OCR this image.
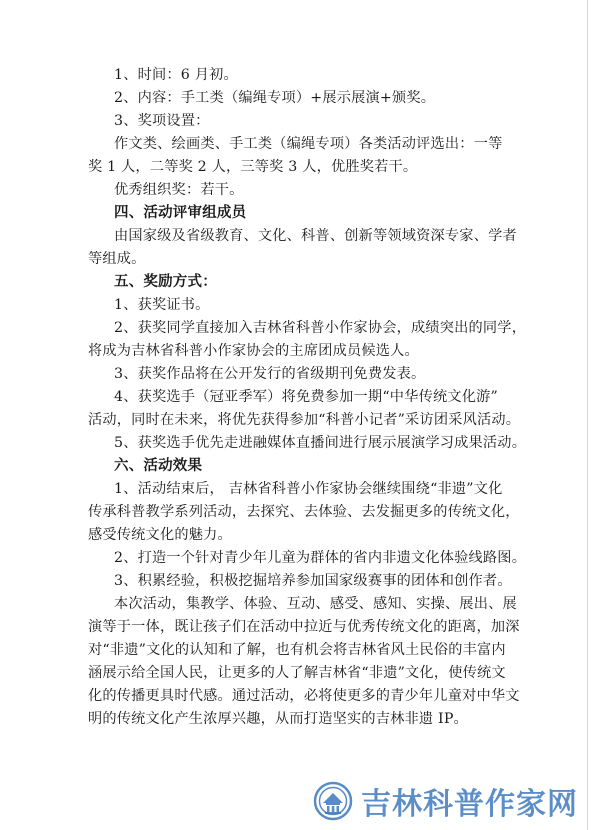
1、时间：6 月初。
2、内容：手工类（编绳专项）+展示展演+颁奖。
3、奖项设置：
作文类、绘画类、手工类（编绳专项）各类活动评选出：一等
奖 1 人，二等奖 2 人，三等奖 3 人，优胜奖若干。
优秀组织奖：若干。
四、活动评审组成员
由国家级及省级教育、文化、科普、创新等领域资深专家、学者
等组成。
五、奖励方式：
1、获奖证书。
2、获奖同学直接加入吉林省科普小作家协会，成绩突出的同学，
将成为吉林省科普小作家协会的主席团成员候选人。
3、获奖作品将在公开发行的省级期刊免费发表。
4、获奖选手（冠亚季军）将免费参加一期“中华传统文化游”
活动，同时在未来，将优先获得参加“科普小记者”采访团采风活动。
5、获奖选手优先走进融媒体直播间进行展示展演学习成果活动。
六、活动效果
1、活动结束后， 吉林省科普小作家协会继续围绕“非遗”文化
传承科普教学系列活动，去探究、去体验、去发掘更多的传统文化，
感受传统文化的魅力。
2、打造一个针对青少年儿童为群体的省内非遗文化体验线路图。
3、积累经验，积极挖掘培养参加国家级赛事的团体和创作者。
本次活动，集教学、体验、互动、感受、感知、实操、展出、展
演等于一体，既让孩子们在活动中拉近与优秀传统文化的距离，加深
对“非遗”文化的认知和了解，也有机会将吉林省风土民俗的丰富内
涵展示给全国人民，让更多的人了解吉林省“非遗”文化，使传统文
化的传播更具时代感。通过活动，必将使更多的青少年儿童对中华文
明的传统文化产生浓厚兴趣，从而打造坚实的吉林非遗 IP。
吉林科普作家网
